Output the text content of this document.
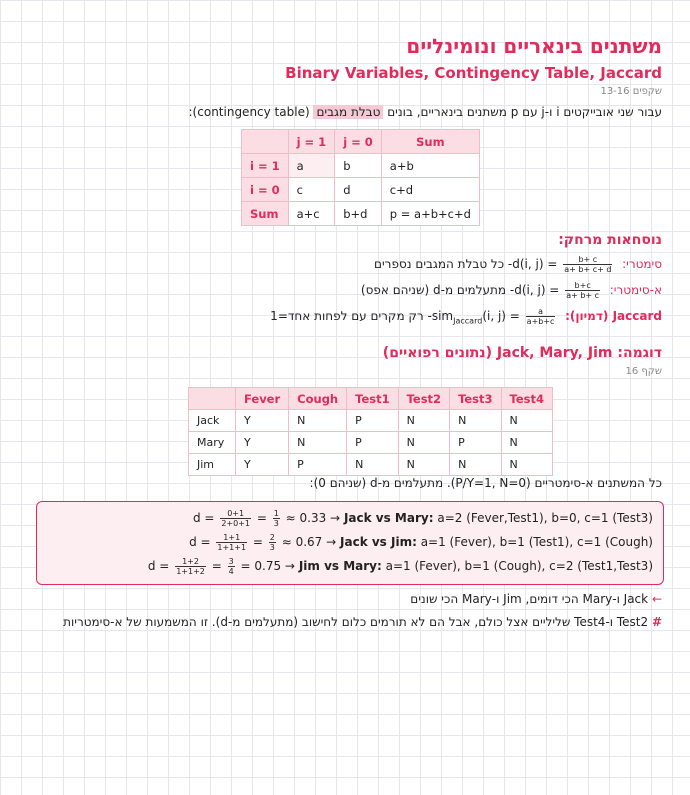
משתנים בינאריים ונומינליים
Binary Variables, Contingency Table, Jaccard
שקפים 13-16
עבור שני אובייקטים i ו-j עם p משתנים בינאריים, בונים טבלת מגבים (contingency table):
	j = 1	j = 0	Sum
i = 1	a	b	a+b
i = 0	c	d	c+d
Sum	a+c	b+d	p = a+b+c+d
נוסחאות מרחק:
סימטרי: d(i, $j) = \frac{b+ c}{a+ b+ c+ d}$
- כל טבלת המגבים נספרים
א-סימטרי: d(i, $j) = \frac{b+c}{a+ b+ c}$
- מתעלמים מ-d (שניהם אפס)
Jaccard (דמיון): sim$_{Jaccard}$(i, $j) = \frac{a}{a+b+c}$
- רק מקרים עם לפחות אחד=1
דוגמה: Jack, Mary, Jim (נתונים רפואיים)
שקף 16
	Fever	Cough	Test1	Test2	Test3	Test4
Jack	Y	N	P	N	N	N
Mary	Y	N	P	N	P	N
Jim	Y	P	N	N	N	N
כל המשתנים א-סימטריים (P/Y=1, N=0). מתעלמים מ-d (שניהם 0):
$d = \frac{0+1}{2+0+1} = \frac{1}{3} \approx 0.33$ → Jack vs Mary: a=2 (Fever,Test1), b=0, c=1 (Test3)
$d = \frac{1+1}{1+1+1} = \frac{2}{3} \approx 0.67$ → Jack vs Jim: a=1 (Fever), b=1 (Test1), c=1 (Cough)
$d = \frac{1+2}{1+1+2} = \frac{3}{4} = 0.75$ → Jim vs Mary: a=1 (Fever), b=1 (Cough), c=2 (Test1,Test3)
← Jack ו-Mary הכי דומים, Jim ו-Mary הכי שונים
# Test2 ו-Test4 שליליים אצל כולם, אבל הם לא תורמים כלום לחישוב (מתעלמים מ-d). זו המשמעות של א-סימטריות
